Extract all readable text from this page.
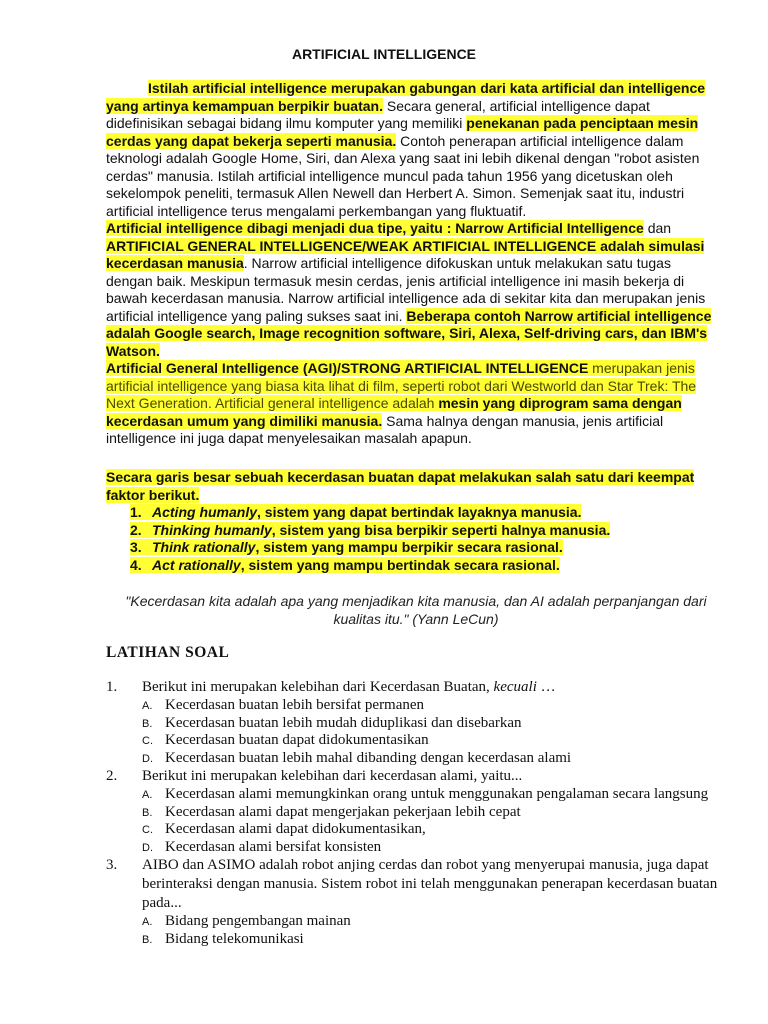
ARTIFICIAL INTELLIGENCE

Istilah artificial intelligence merupakan gabungan dari kata artificial dan intelligence yang artinya kemampuan berpikir buatan. Secara general, artificial intelligence dapat didefinisikan sebagai bidang ilmu komputer yang memiliki penekanan pada penciptaan mesin cerdas yang dapat bekerja seperti manusia. Contoh penerapan artificial intelligence dalam teknologi adalah Google Home, Siri, dan Alexa yang saat ini lebih dikenal dengan "robot asisten cerdas" manusia. Istilah artificial intelligence muncul pada tahun 1956 yang dicetuskan oleh sekelompok peneliti, termasuk Allen Newell dan Herbert A. Simon. Semenjak saat itu, industri artificial intelligence terus mengalami perkembangan yang fluktuatif.

Artificial intelligence dibagi menjadi dua tipe, yaitu : Narrow Artificial Intelligence dan ARTIFICIAL GENERAL INTELLIGENCE/WEAK ARTIFICIAL INTELLIGENCE adalah simulasi kecerdasan manusia. Narrow artificial intelligence difokuskan untuk melakukan satu tugas dengan baik. Meskipun termasuk mesin cerdas, jenis artificial intelligence ini masih bekerja di bawah kecerdasan manusia. Narrow artificial intelligence ada di sekitar kita dan merupakan jenis artificial intelligence yang paling sukses saat ini. Beberapa contoh Narrow artificial intelligence adalah Google search, Image recognition software, Siri, Alexa, Self-driving cars, dan IBM's Watson.

Artificial General Intelligence (AGI)/STRONG ARTIFICIAL INTELLIGENCE merupakan jenis artificial intelligence yang biasa kita lihat di film, seperti robot dari Westworld dan Star Trek: The Next Generation. Artificial general intelligence adalah mesin yang diprogram sama dengan kecerdasan umum yang dimiliki manusia. Sama halnya dengan manusia, jenis artificial intelligence ini juga dapat menyelesaikan masalah apapun.

Secara garis besar sebuah kecerdasan buatan dapat melakukan salah satu dari keempat faktor berikut.

1. Acting humanly, sistem yang dapat bertindak layaknya manusia.
2. Thinking humanly, sistem yang bisa berpikir seperti halnya manusia.
3. Think rationally, sistem yang mampu berpikir secara rasional.
4. Act rationally, sistem yang mampu bertindak secara rasional.
"Kecerdasan kita adalah apa yang menjadikan kita manusia, dan AI adalah perpanjangan dari kualitas itu." (Yann LeCun)
LATIHAN SOAL
1. Berikut ini merupakan kelebihan dari Kecerdasan Buatan, kecuali …
A. Kecerdasan buatan lebih bersifat permanen
B. Kecerdasan buatan lebih mudah diduplikasi dan disebarkan
C. Kecerdasan buatan dapat didokumentasikan
D. Kecerdasan buatan lebih mahal dibanding dengan kecerdasan alami
2. Berikut ini merupakan kelebihan dari kecerdasan alami, yaitu...
A. Kecerdasan alami memungkinkan orang untuk menggunakan pengalaman secara langsung
B. Kecerdasan alami dapat mengerjakan pekerjaan lebih cepat
C. Kecerdasan alami dapat didokumentasikan,
D. Kecerdasan alami bersifat konsisten
3. AIBO dan ASIMO adalah robot anjing cerdas dan robot yang menyerupai manusia, juga dapat berinteraksi dengan manusia. Sistem robot ini telah menggunakan penerapan kecerdasan buatan pada...
A. Bidang pengembangan mainan
B. Bidang telekomunikasi
